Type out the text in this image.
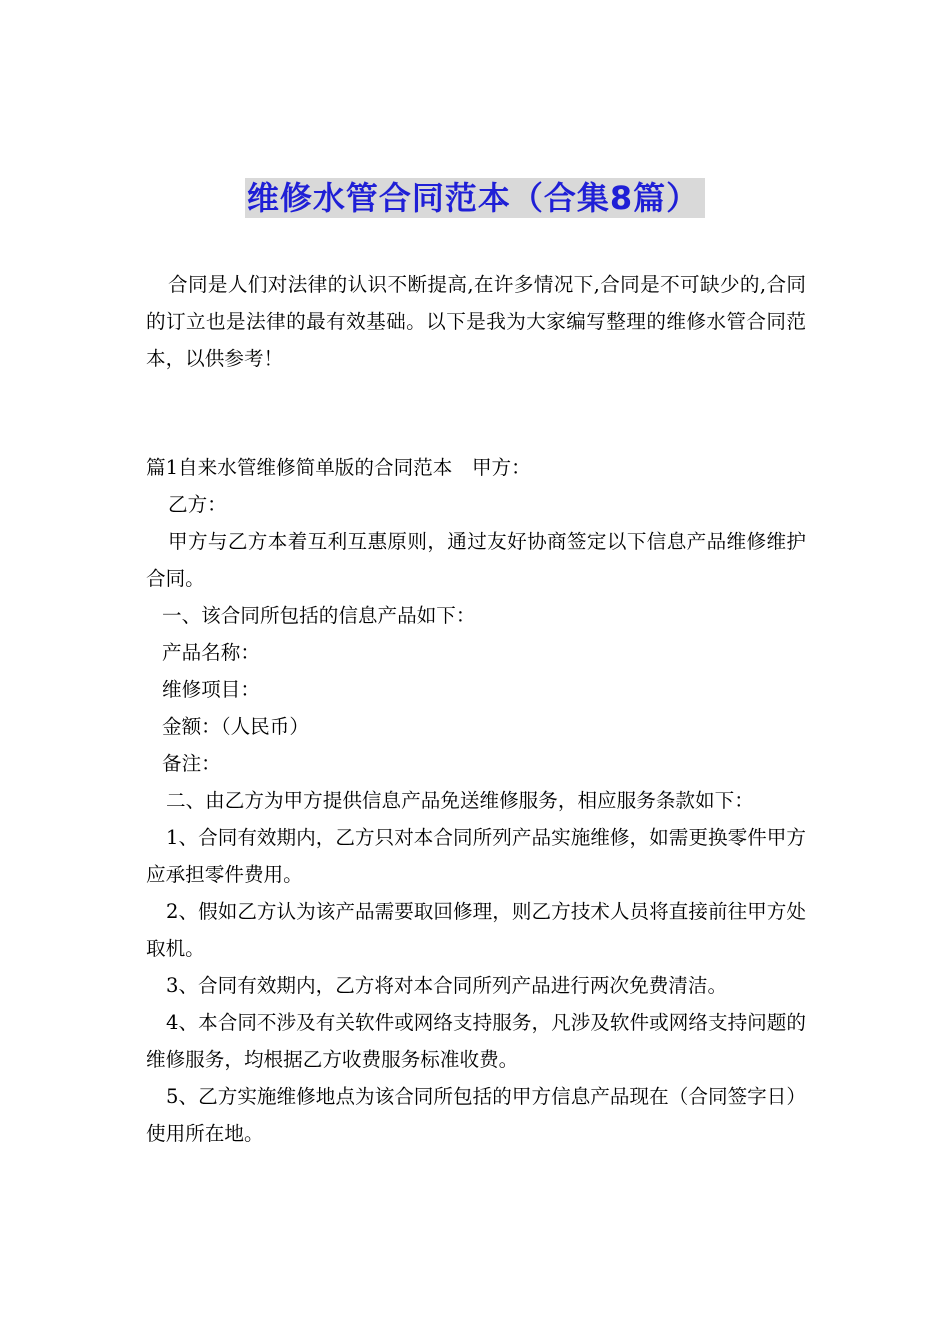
维修水管合同范本（合集8篇）

合同是人们对法律的认识不断提高,在许多情况下,合同是不可缺少的,合同的订立也是法律的最有效基础。以下是我为大家编写整理的维修水管合同范本，以供参考！

篇1自来水管维修简单版的合同范本　甲方：

乙方：

甲方与乙方本着互利互惠原则，通过友好协商签定以下信息产品维修维护合同。

一、该合同所包括的信息产品如下：

产品名称：

维修项目：

金额：（人民币）

备注：

二、由乙方为甲方提供信息产品免送维修服务，相应服务条款如下：

1、合同有效期内，乙方只对本合同所列产品实施维修，如需更换零件甲方应承担零件费用。

2、假如乙方认为该产品需要取回修理，则乙方技术人员将直接前往甲方处取机。

3、合同有效期内，乙方将对本合同所列产品进行两次免费清洁。

4、本合同不涉及有关软件或网络支持服务，凡涉及软件或网络支持问题的维修服务，均根据乙方收费服务标准收费。

5、乙方实施维修地点为该合同所包括的甲方信息产品现在（合同签字日）使用所在地。
